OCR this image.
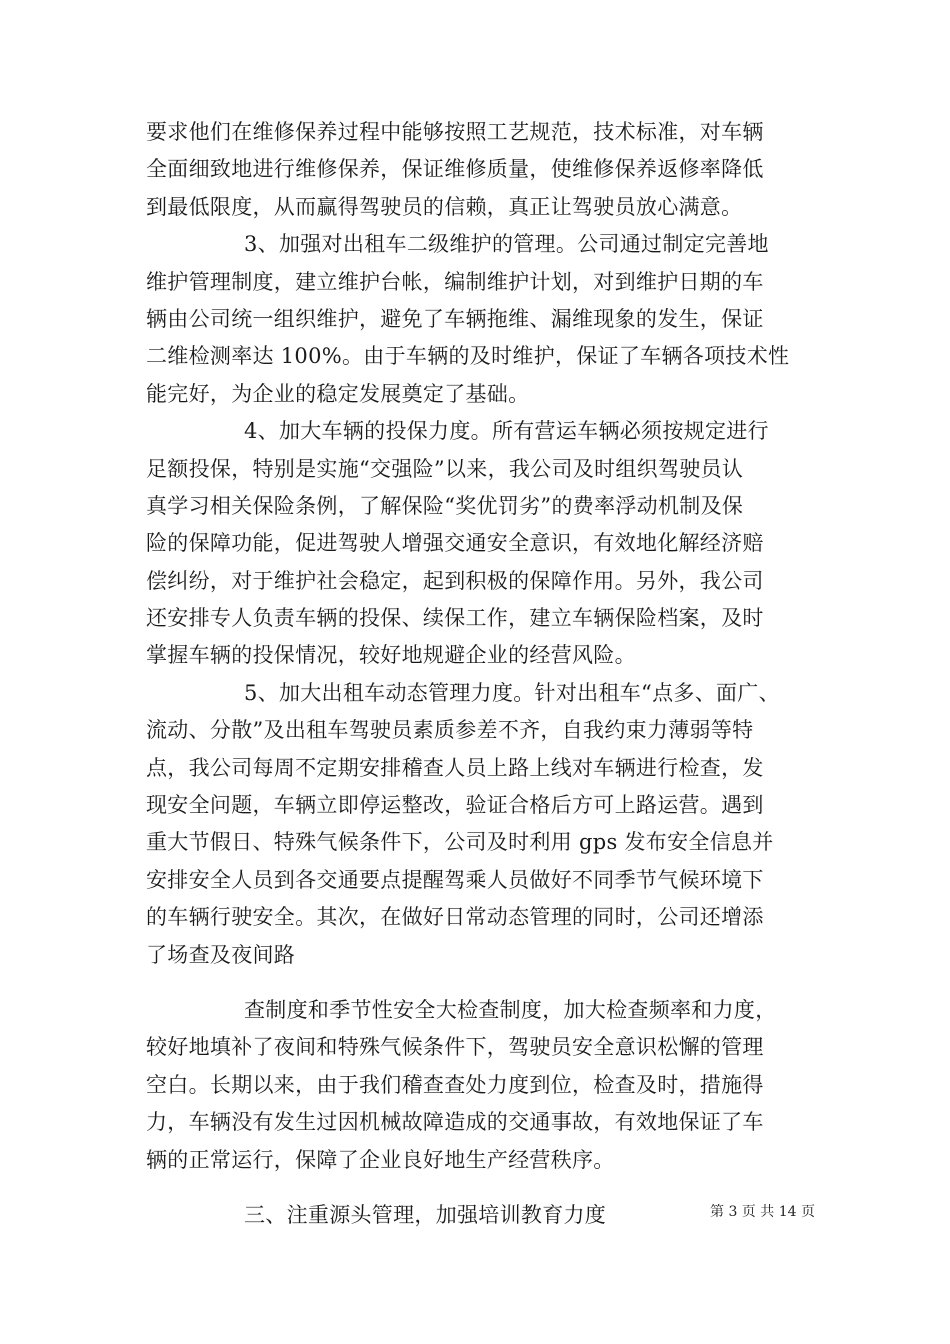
要求他们在维修保养过程中能够按照工艺规范，技术标准，对车辆
全面细致地进行维修保养，保证维修质量，使维修保养返修率降低
到最低限度，从而赢得驾驶员的信赖，真正让驾驶员放心满意。
3、加强对出租车二级维护的管理。公司通过制定完善地
维护管理制度，建立维护台帐，编制维护计划，对到维护日期的车
辆由公司统一组织维护，避免了车辆拖维、漏维现象的发生，保证
二维检测率达 100%。由于车辆的及时维护，保证了车辆各项技术性
能完好，为企业的稳定发展奠定了基础。
4、加大车辆的投保力度。所有营运车辆必须按规定进行
足额投保，特别是实施“交强险”以来，我公司及时组织驾驶员认
真学习相关保险条例，了解保险“奖优罚劣”的费率浮动机制及保
险的保障功能，促进驾驶人增强交通安全意识，有效地化解经济赔
偿纠纷，对于维护社会稳定，起到积极的保障作用。另外，我公司
还安排专人负责车辆的投保、续保工作，建立车辆保险档案，及时
掌握车辆的投保情况，较好地规避企业的经营风险。
5、加大出租车动态管理力度。针对出租车“点多、面广、
流动、分散”及出租车驾驶员素质参差不齐，自我约束力薄弱等特
点，我公司每周不定期安排稽查人员上路上线对车辆进行检查，发
现安全问题，车辆立即停运整改，验证合格后方可上路运营。遇到
重大节假日、特殊气候条件下，公司及时利用 gps 发布安全信息并
安排安全人员到各交通要点提醒驾乘人员做好不同季节气候环境下
的车辆行驶安全。其次，在做好日常动态管理的同时，公司还增添
了场查及夜间路
查制度和季节性安全大检查制度，加大检查频率和力度，
较好地填补了夜间和特殊气候条件下，驾驶员安全意识松懈的管理
空白。长期以来，由于我们稽查查处力度到位，检查及时，措施得
力，车辆没有发生过因机械故障造成的交通事故，有效地保证了车
辆的正常运行，保障了企业良好地生产经营秩序。
三、注重源头管理，加强培训教育力度	第 3 页 共 14 页
